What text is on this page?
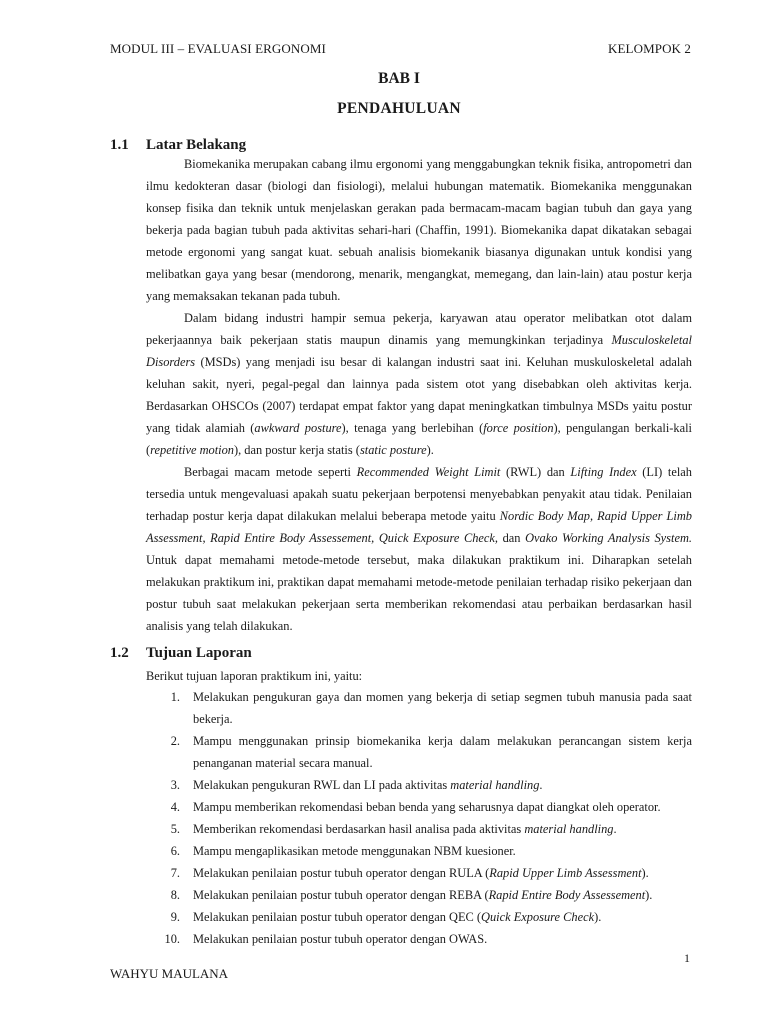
MODUL III – EVALUASI ERGONOMI	KELOMPOK 2
BAB I
PENDAHULUAN
1.1 Latar Belakang

Biomekanika merupakan cabang ilmu ergonomi yang menggabungkan teknik fisika, antropometri dan ilmu kedokteran dasar (biologi dan fisiologi), melalui hubungan matematik. Biomekanika menggunakan konsep fisika dan teknik untuk menjelaskan gerakan pada bermacam-macam bagian tubuh dan gaya yang bekerja pada bagian tubuh pada aktivitas sehari-hari (Chaffin, 1991). Biomekanika dapat dikatakan sebagai metode ergonomi yang sangat kuat. sebuah analisis biomekanik biasanya digunakan untuk kondisi yang melibatkan gaya yang besar (mendorong, menarik, mengangkat, memegang, dan lain-lain) atau postur kerja yang memaksakan tekanan pada tubuh.

Dalam bidang industri hampir semua pekerja, karyawan atau operator melibatkan otot dalam pekerjaannya baik pekerjaan statis maupun dinamis yang memungkinkan terjadinya Musculoskeletal Disorders (MSDs) yang menjadi isu besar di kalangan industri saat ini. Keluhan muskuloskeletal adalah keluhan sakit, nyeri, pegal-pegal dan lainnya pada sistem otot yang disebabkan oleh aktivitas kerja. Berdasarkan OHSCOs (2007) terdapat empat faktor yang dapat meningkatkan timbulnya MSDs yaitu postur yang tidak alamiah (awkward posture), tenaga yang berlebihan (force position), pengulangan berkali-kali (repetitive motion), dan postur kerja statis (static posture).

Berbagai macam metode seperti Recommended Weight Limit (RWL) dan Lifting Index (LI) telah tersedia untuk mengevaluasi apakah suatu pekerjaan berpotensi menyebabkan penyakit atau tidak. Penilaian terhadap postur kerja dapat dilakukan melalui beberapa metode yaitu Nordic Body Map, Rapid Upper Limb Assessment, Rapid Entire Body Assessement, Quick Exposure Check, dan Ovako Working Analysis System. Untuk dapat memahami metode-metode tersebut, maka dilakukan praktikum ini. Diharapkan setelah melakukan praktikum ini, praktikan dapat memahami metode-metode penilaian terhadap risiko pekerjaan dan postur tubuh saat melakukan pekerjaan serta memberikan rekomendasi atau perbaikan berdasarkan hasil analisis yang telah dilakukan.

1.2 Tujuan Laporan
Berikut tujuan laporan praktikum ini, yaitu:
1. Melakukan pengukuran gaya dan momen yang bekerja di setiap segmen tubuh manusia pada saat bekerja.
2. Mampu menggunakan prinsip biomekanika kerja dalam melakukan perancangan sistem kerja penanganan material secara manual.
3. Melakukan pengukuran RWL dan LI pada aktivitas material handling.
4. Mampu memberikan rekomendasi beban benda yang seharusnya dapat diangkat oleh operator.
5. Memberikan rekomendasi berdasarkan hasil analisa pada aktivitas material handling.
6. Mampu mengaplikasikan metode menggunakan NBM kuesioner.
7. Melakukan penilaian postur tubuh operator dengan RULA (Rapid Upper Limb Assessment).
8. Melakukan penilaian postur tubuh operator dengan REBA (Rapid Entire Body Assessement).
9. Melakukan penilaian postur tubuh operator dengan QEC (Quick Exposure Check).
10. Melakukan penilaian postur tubuh operator dengan OWAS.
1
WAHYU MAULANA
